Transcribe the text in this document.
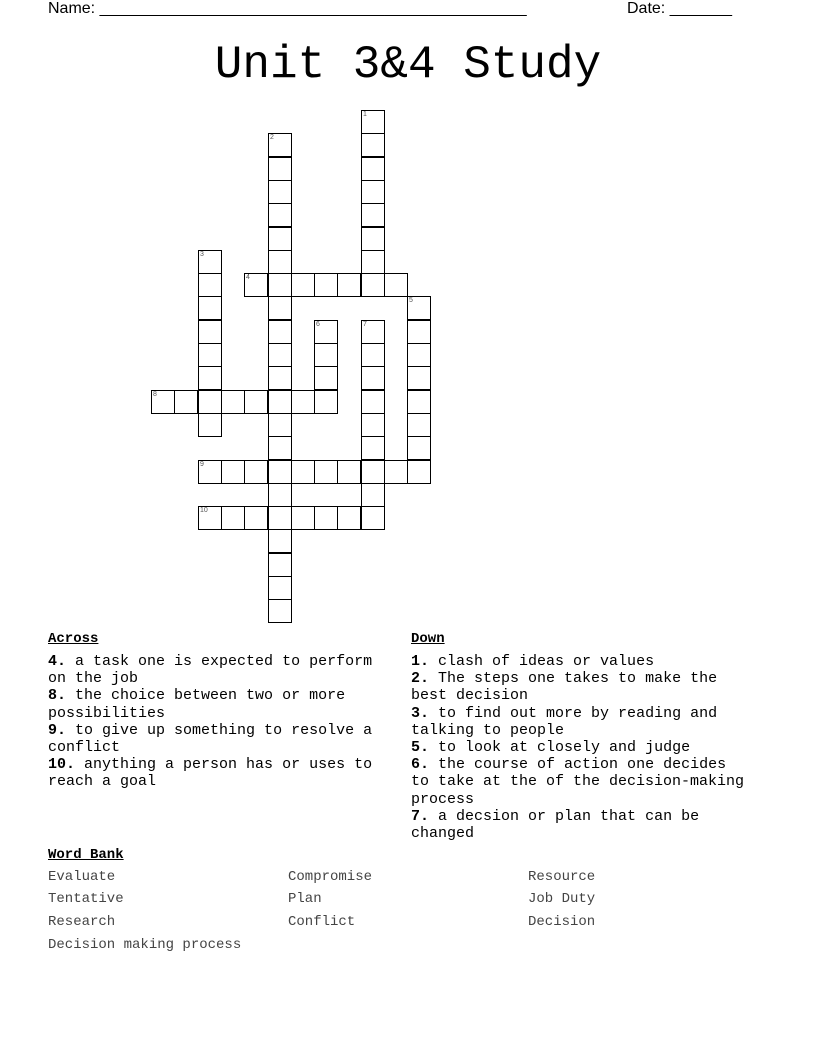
Name: ________________________________________________	Date: _______
Unit 3&4 Study
1
2
3
4
5
6	7
8
9
10
Across
4. a task one is expected to perform on the job
8. the choice between two or more possibilities
9. to give up something to resolve a conflict
10. anything a person has or uses to reach a goal
Down
1. clash of ideas or values
2. The steps one takes to make the best decision
3. to find out more by reading and talking to people
5. to look at closely and judge
6. the course of action one decides to take at the of the decision-making process
7. a decsion or plan that can be changed
Word Bank
Evaluate	Compromise	Resource
Tentative	Plan	Job Duty
Research	Conflict	Decision
Decision making process
